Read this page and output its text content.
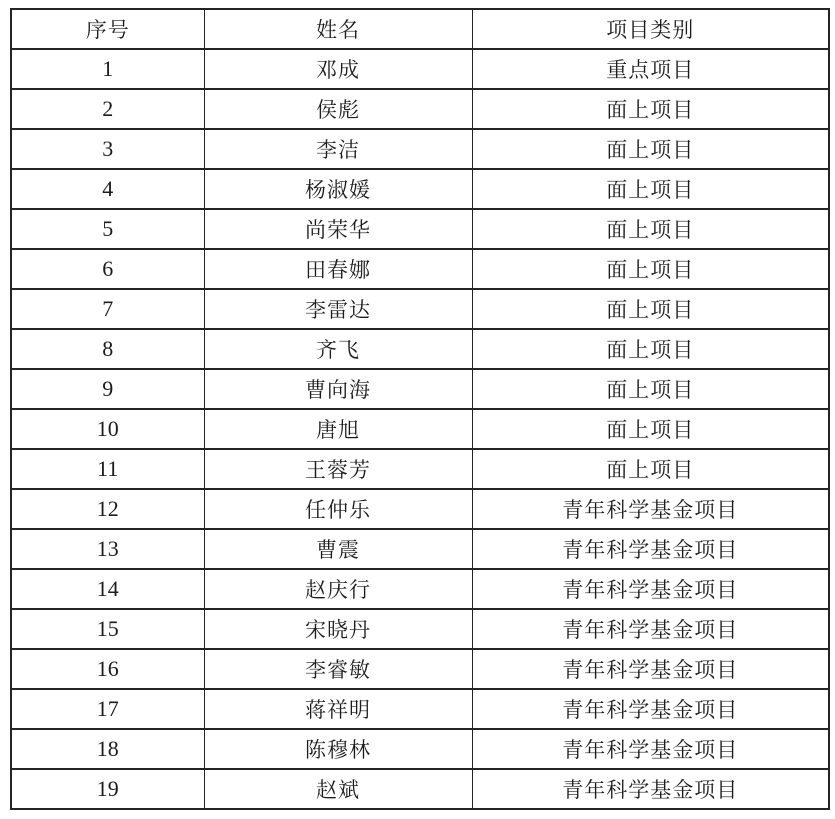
序号	姓名	项目类别
1	邓成	重点项目
2	侯彪	面上项目
3	李洁	面上项目
4	杨淑媛	面上项目
5	尚荣华	面上项目
6	田春娜	面上项目
7	李雷达	面上项目
8	齐飞	面上项目
9	曹向海	面上项目
10	唐旭	面上项目
11	王蓉芳	面上项目
12	任仲乐	青年科学基金项目
13	曹震	青年科学基金项目
14	赵庆行	青年科学基金项目
15	宋晓丹	青年科学基金项目
16	李睿敏	青年科学基金项目
17	蒋祥明	青年科学基金项目
18	陈穆林	青年科学基金项目
19	赵斌	青年科学基金项目
